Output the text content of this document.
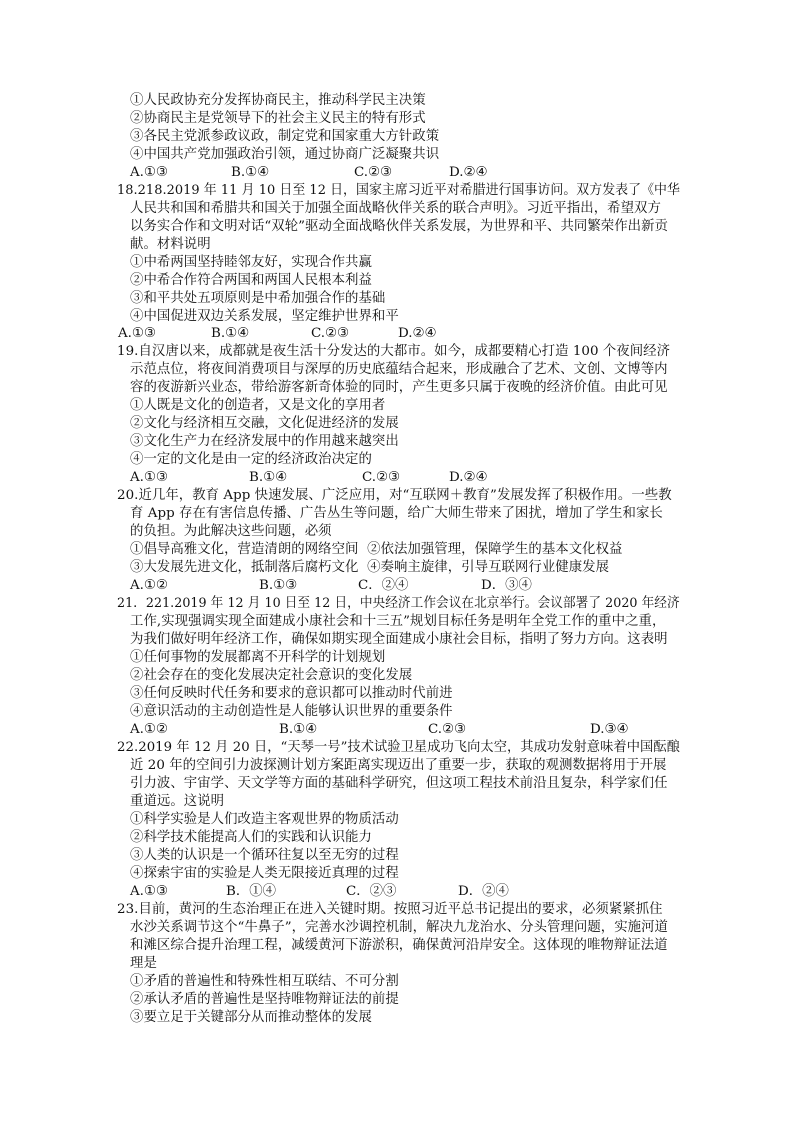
①人民政协充分发挥协商民主，推动科学民主决策
②协商民主是党领导下的社会主义民主的特有形式
③各民主党派参政议政，制定党和国家重大方针政策
④中国共产党加强政治引领，通过协商广泛凝聚共识
A.①③	B.①④	C.②③	D.②④
18.218.2019 年 11 月 10 日至 12 日，国家主席习近平对希腊进行国事访问。双方发表了《中华
人民共和国和希腊共和国关于加强全面战略伙伴关系的联合声明》。习近平指出，希望双方
以务实合作和文明对话“双轮”驱动全面战略伙伴关系发展，为世界和平、共同繁荣作出新贡
献。材料说明
①中希两国坚持睦邻友好，实现合作共赢
②中希合作符合两国和两国人民根本利益
③和平共处五项原则是中希加强合作的基础
④中国促进双边关系发展，坚定维护世界和平
A.①③	B.①④	C.②③	D.②④
19.自汉唐以来，成都就是夜生活十分发达的大都市。如今，成都要精心打造 100 个夜间经济
示范点位，将夜间消费项目与深厚的历史底蕴结合起来，形成融合了艺术、文创、文博等内
容的夜游新兴业态，带给游客新奇体验的同时，产生更多只属于夜晚的经济价值。由此可见
①人既是文化的创造者，又是文化的享用者
②文化与经济相互交融，文化促进经济的发展
③文化生产力在经济发展中的作用越来越突出
④一定的文化是由一定的经济政治决定的
A.①③	B.①④	C.②③	D.②④
20.近几年，教育 App 快速发展、广泛应用，对“互联网＋教育”发展发挥了积极作用。一些教
育 App 存在有害信息传播、广告丛生等问题，给广大师生带来了困扰，增加了学生和家长
的负担。为此解决这些问题，必须
①倡导高雅文化，营造清朗的网络空间  ②依法加强管理，保障学生的基本文化权益
③大发展先进文化，抵制落后腐朽文化  ④奏响主旋律，引导互联网行业健康发展
A.①②	B.①③	C．②④	D．③④
21．221.2019 年 12 月 10 日至 12 日，中央经济工作会议在北京举行。会议部署了 2020 年经济
工作,实现强调实现全面建成小康社会和十三五”规划目标任务是明年全党工作的重中之重，
为我们做好明年经济工作，确保如期实现全面建成小康社会目标，指明了努力方向。这表明
①任何事物的发展都离不开科学的计划规划
②社会存在的变化发展决定社会意识的变化发展
③任何反映时代任务和要求的意识都可以推动时代前进
④意识活动的主动创造性是人能够认识世界的重要条件
A.①②	B.①④	C.②③	D.③④
22.2019 年 12 月 20 日，“天琴一号”技术试验卫星成功飞向太空，其成功发射意味着中国酝酿
近 20 年的空间引力波探测计划方案距离实现迈出了重要一步，获取的观测数据将用于开展
引力波、宇宙学、天文学等方面的基础科学研究，但这项工程技术前沿且复杂，科学家们任
重道远。这说明
①科学实验是人们改造主客观世界的物质活动
②科学技术能提高人们的实践和认识能力
③人类的认识是一个循环往复以至无穷的过程
④探索宇宙的实验是人类无限接近真理的过程
A.①③	B．①④	C．②③	D．②④
23.目前，黄河的生态治理正在进入关键时期。按照习近平总书记提出的要求，必须紧紧抓住
水沙关系调节这个“牛鼻子”，完善水沙调控机制，解决九龙治水、分头管理问题，实施河道
和滩区综合提升治理工程，减缓黄河下游淤积，确保黄河沿岸安全。这体现的唯物辩证法道
理是
①矛盾的普遍性和特殊性相互联结、不可分割
②承认矛盾的普遍性是坚持唯物辩证法的前提
③要立足于关键部分从而推动整体的发展
